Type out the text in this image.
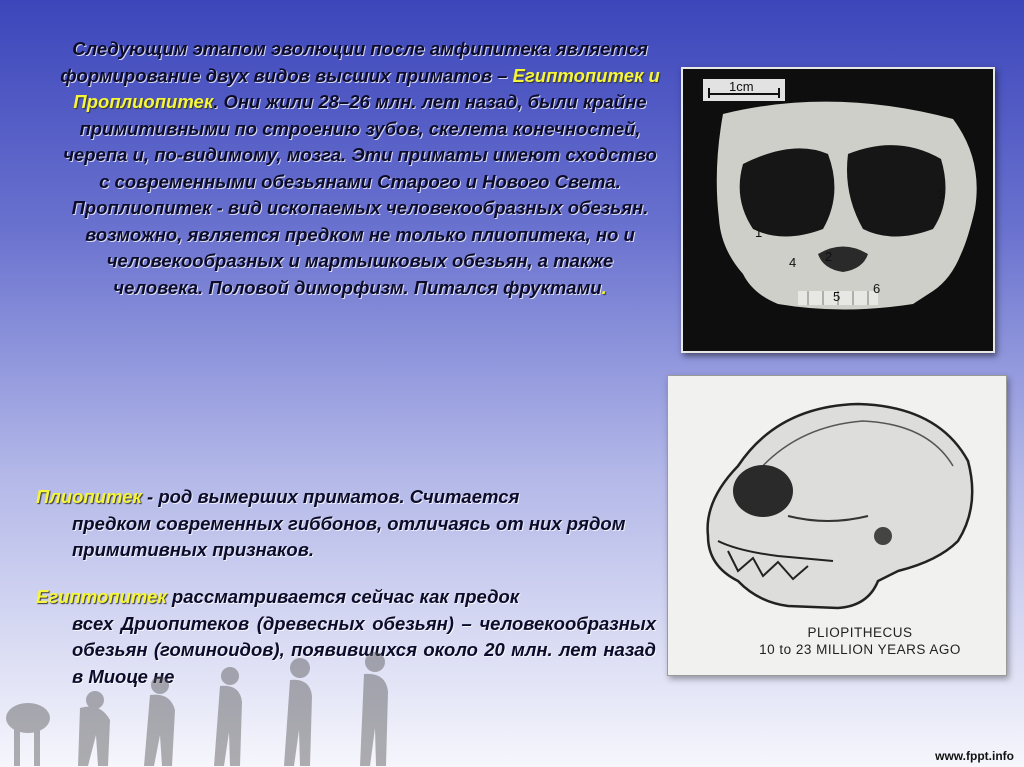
Следующим этапом эволюции после амфипитека является формирование двух видов высших приматов – Египтопитек и Проплиопитек. Они жили 28–26 млн. лет назад, были крайне примитивными по строению зубов, скелета конечностей, черепа и, по-видимому, мозга. Эти приматы имеют сходство с современными обезьянами Старого и Нового Света. Проплиопитек - вид ископаемых человекообразных обезьян. возможно, является предком не только плиопитека, но и человекообразных и мартышковых обезьян, а также человека. Половой диморфизм. Питался фруктами.
Плиопитек - род вымерших приматов. Считается
предком современных гиббонов, отличаясь от них рядом примитивных признаков.
Египтопитек рассматривается сейчас как предок
всех Дриопитеков (древесных обезьян) – человекообразных обезьян (гоминоидов), появившихся около 20 млн. лет назад в Миоце не
1cm
1
2
3
4
5
6
PLIOPITHECUS
10 to 23 MILLION YEARS AGO
www.fppt.info
